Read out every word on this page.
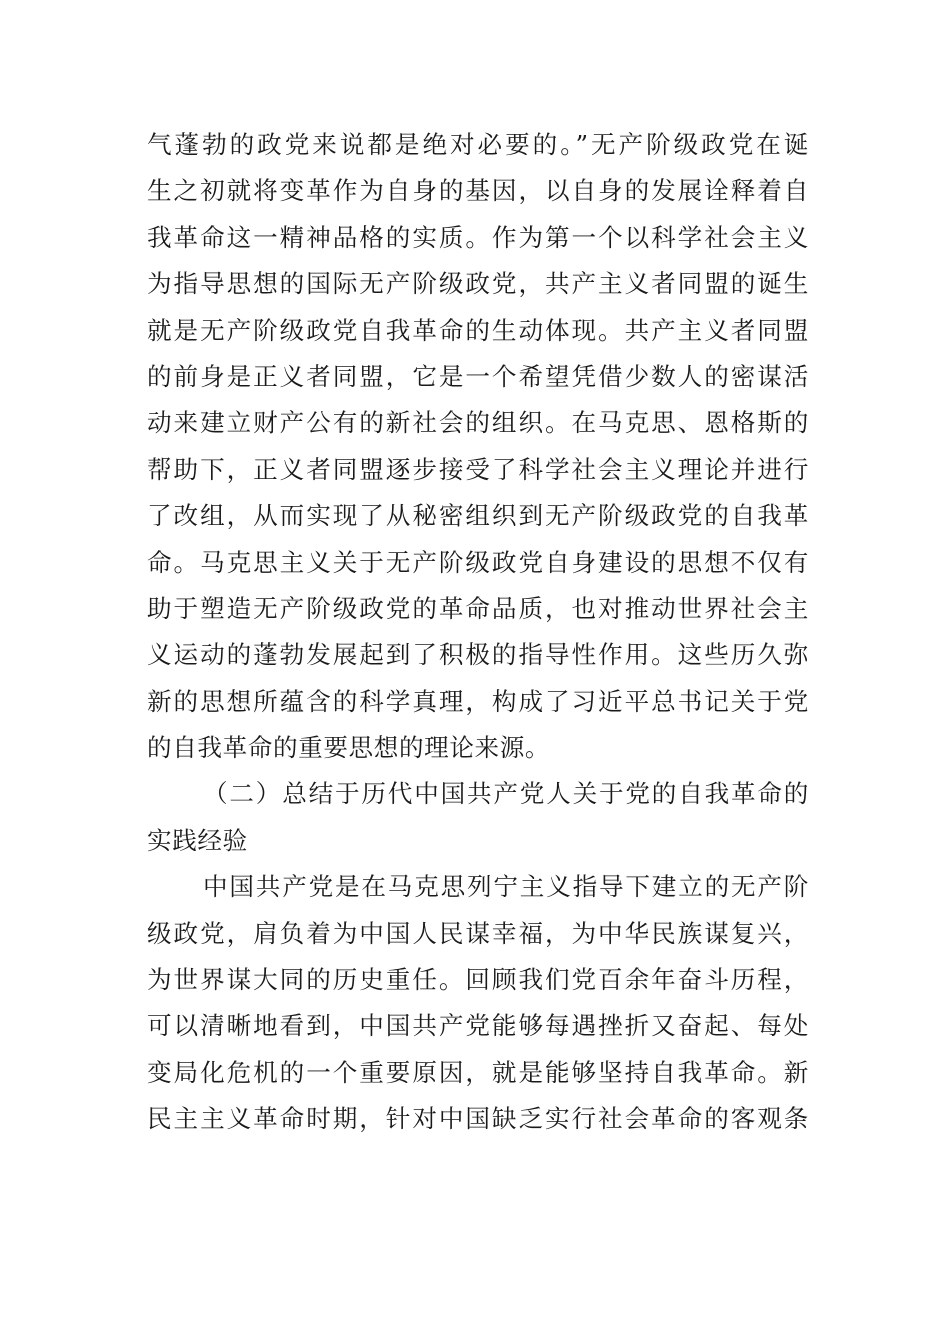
气蓬勃的政党来说都是绝对必要的。”无产阶级政党在诞
生之初就将变革作为自身的基因，以自身的发展诠释着自
我革命这一精神品格的实质。作为第一个以科学社会主义
为指导思想的国际无产阶级政党，共产主义者同盟的诞生
就是无产阶级政党自我革命的生动体现。共产主义者同盟
的前身是正义者同盟，它是一个希望凭借少数人的密谋活
动来建立财产公有的新社会的组织。在马克思、恩格斯的
帮助下，正义者同盟逐步接受了科学社会主义理论并进行
了改组，从而实现了从秘密组织到无产阶级政党的自我革
命。马克思主义关于无产阶级政党自身建设的思想不仅有
助于塑造无产阶级政党的革命品质，也对推动世界社会主
义运动的蓬勃发展起到了积极的指导性作用。这些历久弥
新的思想所蕴含的科学真理，构成了习近平总书记关于党
的自我革命的重要思想的理论来源。
（二）总结于历代中国共产党人关于党的自我革命的
实践经验
中国共产党是在马克思列宁主义指导下建立的无产阶
级政党，肩负着为中国人民谋幸福，为中华民族谋复兴，
为世界谋大同的历史重任。回顾我们党百余年奋斗历程，
可以清晰地看到，中国共产党能够每遇挫折又奋起、每处
变局化危机的一个重要原因，就是能够坚持自我革命。新
民主主义革命时期，针对中国缺乏实行社会革命的客观条
